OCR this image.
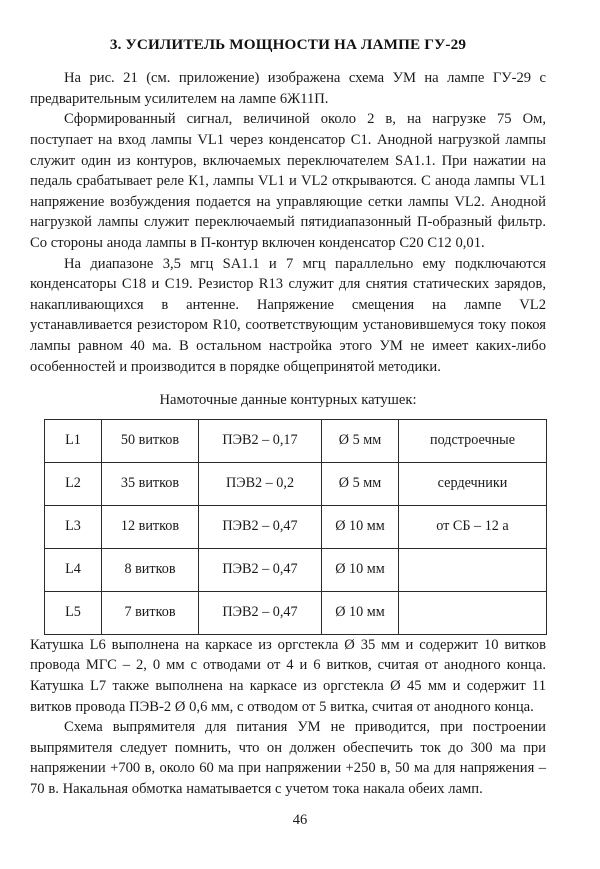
3. УСИЛИТЕЛЬ МОЩНОСТИ НА ЛАМПЕ ГУ-29

На рис. 21 (см. приложение) изображена схема УМ на лампе ГУ-29 с предварительным усилителем на лампе 6Ж11П.

Сформированный сигнал, величиной около 2 в, на нагрузке 75 Ом, поступает на вход лампы VL1 через конденсатор С1. Анодной нагрузкой лампы служит один из контуров, включаемых переключателем SA1.1. При нажатии на педаль срабатывает реле К1, лампы VL1 и VL2 открываются. С анода лампы VL1 напряжение возбуждения подается на управляющие сетки лампы VL2. Анодной нагрузкой лампы служит переключаемый пятидиапазонный П-образный фильтр. Со стороны анода лампы в П-контур включен конденсатор С20 С12 0,01.

На диапазоне 3,5 мгц SA1.1 и 7 мгц параллельно ему подключаются конденсаторы С18 и С19. Резистор R13 служит для снятия статических зарядов, накапливающихся в антенне. Напряжение смещения на лампе VL2 устанавливается резистором R10, соответствующим установившемуся току покоя лампы равном 40 ма. В остальном настройка этого УМ не имеет каких-либо особенностей и производится в порядке общепринятой методики.

Намоточные данные контурных катушек:
L1	50 витков	ПЭВ2 – 0,17	Ø 5 мм	подстроечные
L2	35 витков	ПЭВ2 – 0,2	Ø 5 мм	сердечники
L3	12 витков	ПЭВ2 – 0,47	Ø 10 мм	от СБ – 12 а
L4	8 витков	ПЭВ2 – 0,47	Ø 10 мм	
L5	7 витков	ПЭВ2 – 0,47	Ø 10 мм	

Катушка L6 выполнена на каркасе из оргстекла Ø 35 мм и содержит 10 витков провода МГС – 2, 0 мм с отводами от 4 и 6 витков, считая от анодного конца. Катушка L7 также выполнена на каркасе из оргстекла Ø 45 мм и содержит 11 витков провода ПЭВ-2 Ø 0,6 мм, с отводом от 5 витка, считая от анодного конца.

Схема выпрямителя для питания УМ не приводится, при построении выпрямителя следует помнить, что он должен обеспечить ток до 300 ма при напряжении +700 в, около 60 ма при напряжении +250 в, 50 ма для напряжения –70 в. Накальная обмотка наматывается с учетом тока накала обеих ламп.

46
